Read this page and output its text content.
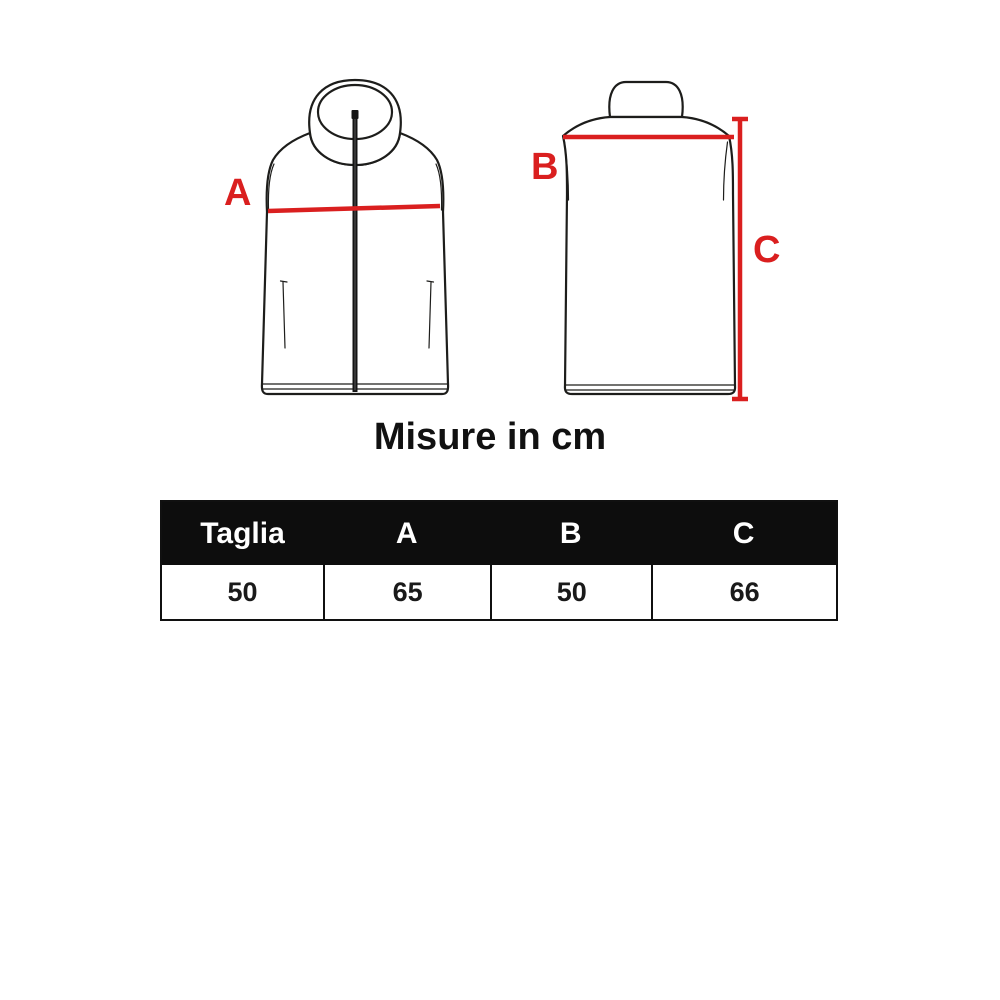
A
B
C
Misure in cm
Taglia	A	B	C
50	65	50	66
